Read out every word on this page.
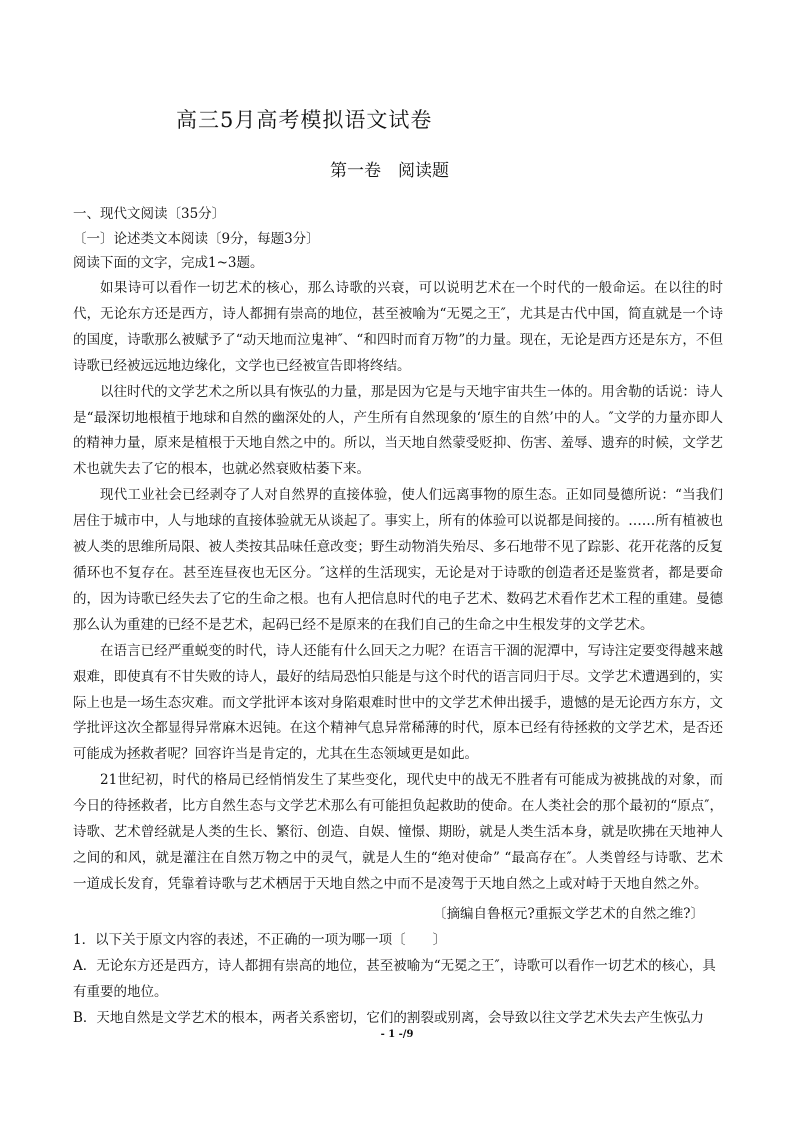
高三5月高考模拟语文试卷
第一卷　阅读题
一、现代文阅读〔35分〕
〔一〕论述类文本阅读〔9分，每题3分〕
阅读下面的文字，完成1~3题。

如果诗可以看作一切艺术的核心，那么诗歌的兴衰，可以说明艺术在一个时代的一般命运。在以往的时代，无论东方还是西方，诗人都拥有崇高的地位，甚至被喻为“无冕之王″，尤其是古代中国，简直就是一个诗的国度，诗歌那么被赋予了“动天地而泣鬼神″、“和四时而育万物”的力量。现在，无论是西方还是东方，不但诗歌已经被远远地边缘化，文学也已经被宣告即将终结。

以往时代的文学艺术之所以具有恢弘的力量，那是因为它是与天地宇宙共生一体的。用舍勒的话说：诗人是“最深切地根植于地球和自然的幽深处的人，产生所有自然现象的‘原生的自然’中的人。″文学的力量亦即人的精神力量，原来是植根于天地自然之中的。所以，当天地自然蒙受贬抑、伤害、羞辱、遗弃的时候，文学艺术也就失去了它的根本，也就必然衰败枯萎下来。

现代工业社会已经剥夺了人对自然界的直接体验，使人们远离事物的原生态。正如同曼德所说：“当我们居住于城市中，人与地球的直接体验就无从谈起了。事实上，所有的体验可以说都是间接的。……所有植被也被人类的思维所局限、被人类按其品味任意改变；野生动物消失殆尽、多石地带不见了踪影、花开花落的反复循环也不复存在。甚至连昼夜也无区分。″这样的生活现实，无论是对于诗歌的创造者还是鉴赏者，都是要命的，因为诗歌已经失去了它的生命之根。也有人把信息时代的电子艺术、数码艺术看作艺术工程的重建。曼德那么认为重建的已经不是艺术，起码已经不是原来的在我们自己的生命之中生根发芽的文学艺术。

在语言已经严重蜕变的时代，诗人还能有什么回天之力呢？在语言干涸的泥潭中，写诗注定要变得越来越艰难，即使真有不甘失败的诗人，最好的结局恐怕只能是与这个时代的语言同归于尽。文学艺术遭遇到的，实际上也是一场生态灾难。而文学批评本该对身陷艰难时世中的文学艺术伸出援手，遗憾的是无论西方东方，文学批评这次全都显得异常麻木迟钝。在这个精神气息异常稀薄的时代，原本已经有待拯救的文学艺术，是否还可能成为拯救者呢？回容许当是肯定的，尤其在生态领域更是如此。

21世纪初，时代的格局已经悄悄发生了某些变化，现代史中的战无不胜者有可能成为被挑战的对象，而今日的待拯救者，比方自然生态与文学艺术那么有可能担负起救助的使命。在人类社会的那个最初的“原点″，诗歌、艺术曾经就是人类的生长、繁衍、创造、自娱、憧憬、期盼，就是人类生活本身，就是吹拂在天地神人之间的和风，就是灌注在自然万物之中的灵气，就是人生的“绝对使命” “最高存在″。人类曾经与诗歌、艺术一道成长发育，凭靠着诗歌与艺术栖居于天地自然之中而不是凌驾于天地自然之上或对峙于天地自然之外。

〔摘编自鲁枢元?重振文学艺术的自然之维?〕

1．以下关于原文内容的表述，不正确的一项为哪一项〔　　〕

A．无论东方还是西方，诗人都拥有崇高的地位，甚至被喻为“无冕之王″，诗歌可以看作一切艺术的核心，具有重要的地位。

B．天地自然是文学艺术的根本，两者关系密切，它们的割裂或别离，会导致以往文学艺术失去产生恢弘力

- 1 -/9
